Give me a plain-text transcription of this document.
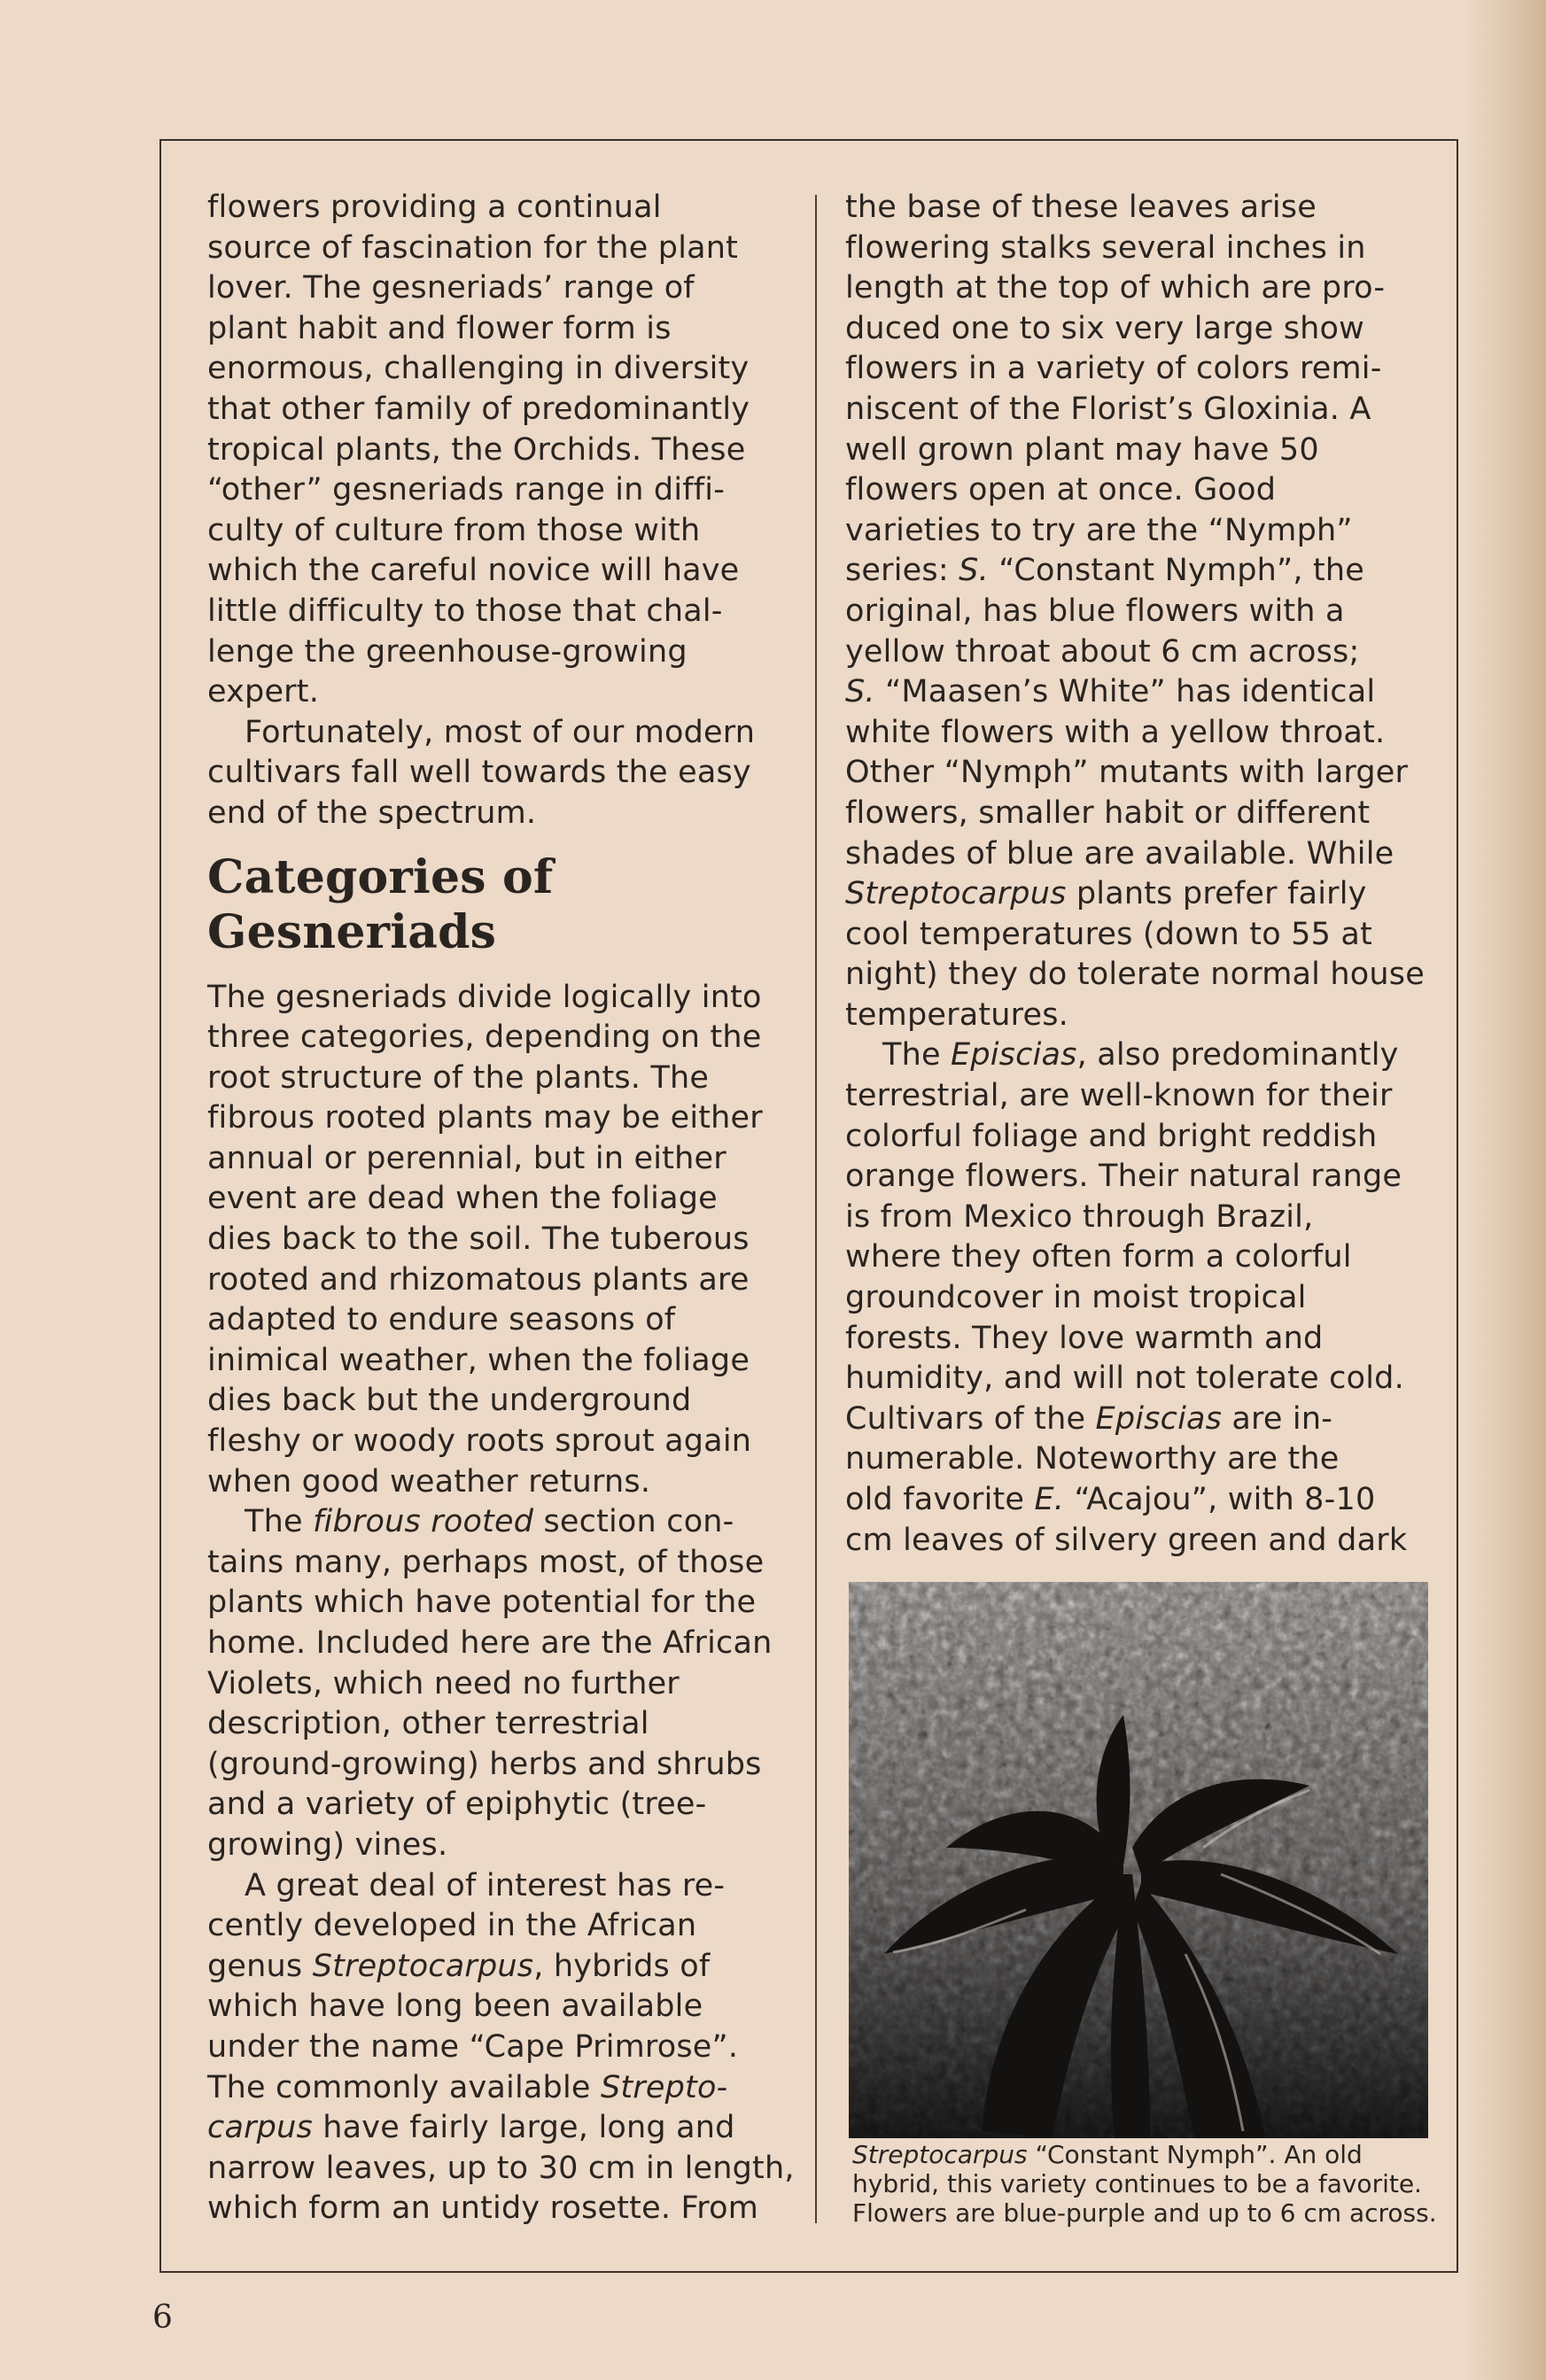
flowers providing a continual
source of fascination for the plant
lover. The gesneriads’ range of
plant habit and flower form is
enormous, challenging in diversity
that other family of predominantly
tropical plants, the Orchids. These
“other” gesneriads range in diffi-
culty of culture from those with
which the careful novice will have
little difficulty to those that chal-
lenge the greenhouse-growing
expert.
Fortunately, most of our modern
cultivars fall well towards the easy
end of the spectrum.
Categories of
Gesneriads
The gesneriads divide logically into
three categories, depending on the
root structure of the plants. The
fibrous rooted plants may be either
annual or perennial, but in either
event are dead when the foliage
dies back to the soil. The tuberous
rooted and rhizomatous plants are
adapted to endure seasons of
inimical weather, when the foliage
dies back but the underground
fleshy or woody roots sprout again
when good weather returns.
The fibrous rooted section con-
tains many, perhaps most, of those
plants which have potential for the
home. Included here are the African
Violets, which need no further
description, other terrestrial
(ground-growing) herbs and shrubs
and a variety of epiphytic (tree-
growing) vines.
A great deal of interest has re-
cently developed in the African
genus Streptocarpus, hybrids of
which have long been available
under the name “Cape Primrose”.
The commonly available Strepto-
carpus have fairly large, long and
narrow leaves, up to 30 cm in length,
which form an untidy rosette. From
the base of these leaves arise
flowering stalks several inches in
length at the top of which are pro-
duced one to six very large show
flowers in a variety of colors remi-
niscent of the Florist’s Gloxinia. A
well grown plant may have 50
flowers open at once. Good
varieties to try are the “Nymph”
series: S. “Constant Nymph”, the
original, has blue flowers with a
yellow throat about 6 cm across;
S. “Maasen’s White” has identical
white flowers with a yellow throat.
Other “Nymph” mutants with larger
flowers, smaller habit or different
shades of blue are available. While
Streptocarpus plants prefer fairly
cool temperatures (down to 55 at
night) they do tolerate normal house
temperatures.
The Episcias, also predominantly
terrestrial, are well-known for their
colorful foliage and bright reddish
orange flowers. Their natural range
is from Mexico through Brazil,
where they often form a colorful
groundcover in moist tropical
forests. They love warmth and
humidity, and will not tolerate cold.
Cultivars of the Episcias are in-
numerable. Noteworthy are the
old favorite E. “Acajou”, with 8-10
cm leaves of silvery green and dark
Streptocarpus “Constant Nymph”. An old
hybrid, this variety continues to be a favorite.
Flowers are blue-purple and up to 6 cm across.
6
